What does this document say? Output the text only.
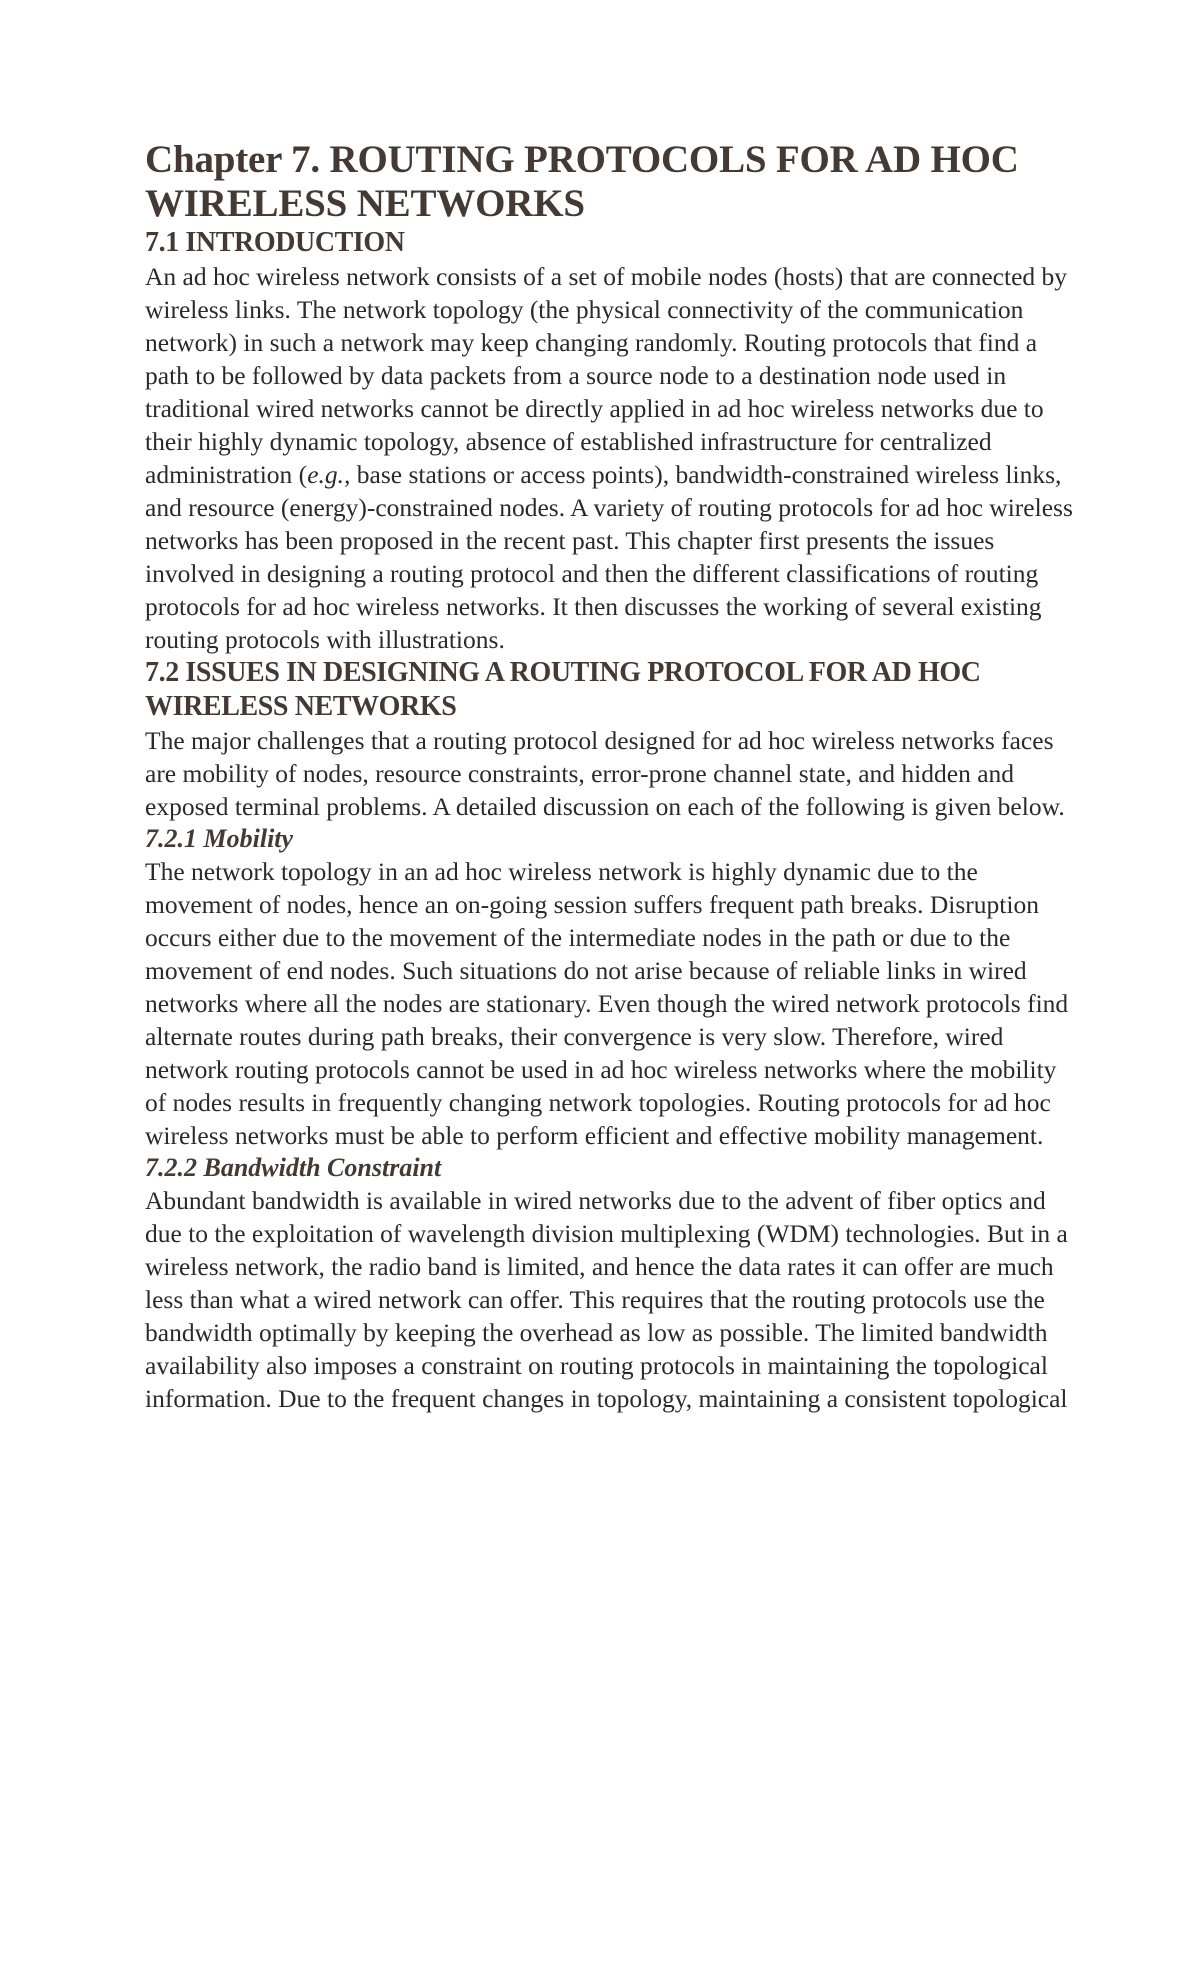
Chapter 7. ROUTING PROTOCOLS FOR AD HOC WIRELESS NETWORKS
7.1 INTRODUCTION

An ad hoc wireless network consists of a set of mobile nodes (hosts) that are connected by wireless links. The network topology (the physical connectivity of the communication network) in such a network may keep changing randomly. Routing protocols that find a path to be followed by data packets from a source node to a destination node used in traditional wired networks cannot be directly applied in ad hoc wireless networks due to their highly dynamic topology, absence of established infrastructure for centralized administration (e.g., base stations or access points), bandwidth-constrained wireless links, and resource (energy)-constrained nodes. A variety of routing protocols for ad hoc wireless networks has been proposed in the recent past. This chapter first presents the issues involved in designing a routing protocol and then the different classifications of routing protocols for ad hoc wireless networks. It then discusses the working of several existing routing protocols with illustrations.

7.2 ISSUES IN DESIGNING A ROUTING PROTOCOL FOR AD HOC WIRELESS NETWORKS

The major challenges that a routing protocol designed for ad hoc wireless networks faces are mobility of nodes, resource constraints, error-prone channel state, and hidden and exposed terminal problems. A detailed discussion on each of the following is given below.

7.2.1 Mobility

The network topology in an ad hoc wireless network is highly dynamic due to the movement of nodes, hence an on-going session suffers frequent path breaks. Disruption occurs either due to the movement of the intermediate nodes in the path or due to the movement of end nodes. Such situations do not arise because of reliable links in wired networks where all the nodes are stationary. Even though the wired network protocols find alternate routes during path breaks, their convergence is very slow. Therefore, wired network routing protocols cannot be used in ad hoc wireless networks where the mobility of nodes results in frequently changing network topologies. Routing protocols for ad hoc wireless networks must be able to perform efficient and effective mobility management.

7.2.2 Bandwidth Constraint

Abundant bandwidth is available in wired networks due to the advent of fiber optics and due to the exploitation of wavelength division multiplexing (WDM) technologies. But in a wireless network, the radio band is limited, and hence the data rates it can offer are much less than what a wired network can offer. This requires that the routing protocols use the bandwidth optimally by keeping the overhead as low as possible. The limited bandwidth availability also imposes a constraint on routing protocols in maintaining the topological information. Due to the frequent changes in topology, maintaining a consistent topological
